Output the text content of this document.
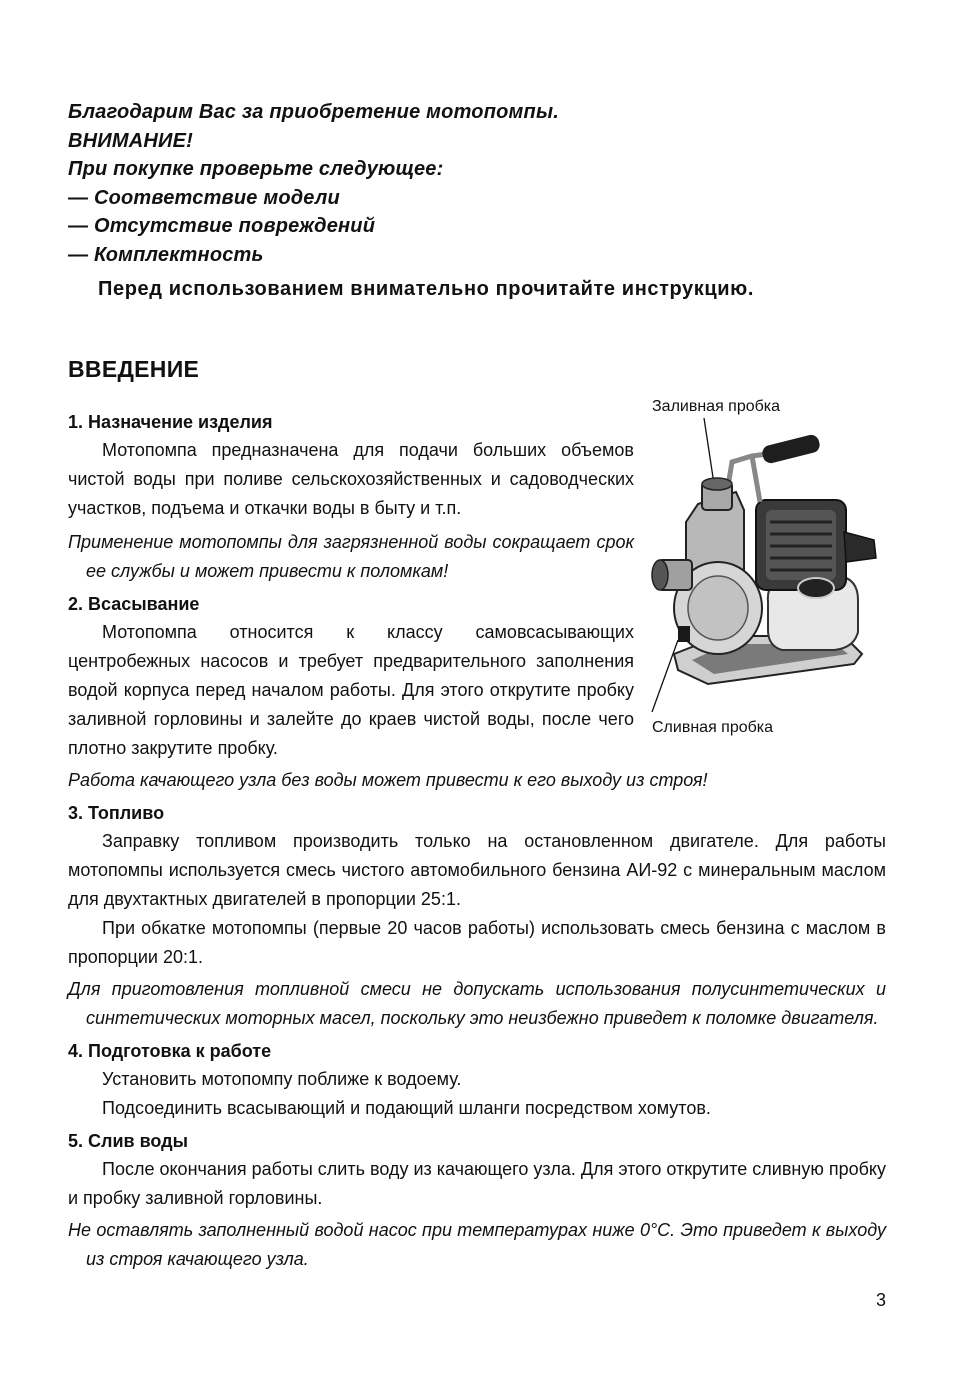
Благодарим Вас за приобретение мотопомпы.
ВНИМАНИЕ!
При покупке проверьте следующее:
— Соответствие модели
— Отсутствие повреждений
— Комплектность
Перед использованием внимательно прочитайте инструкцию.
ВВЕДЕНИЕ
Заливная пробка
Сливная пробка
1. Назначение изделия
Мотопомпа предназначена для подачи больших объемов чистой воды при поливе сельскохозяйственных и садоводческих участков, подъема и откачки воды в быту и т.п.
Применение мотопомпы для загрязненной воды сокращает срок ее службы и может привести к поломкам!
2. Всасывание
Мотопомпа относится к классу самовсасывающих центробежных насосов и требует предварительного заполнения водой корпуса перед началом работы. Для этого открутите пробку заливной горловины и залейте до краев чистой воды, после чего плотно закрутите пробку.
Работа качающего узла без воды может привести к его выходу из строя!
3. Топливо
Заправку топливом производить только на остановленном двигателе. Для работы мотопомпы используется смесь чистого автомобильного бензина АИ-92 с минеральным маслом для двухтактных двигателей в пропорции 25:1.
При обкатке мотопомпы (первые 20 часов работы) использовать смесь бензина с маслом в пропорции 20:1.
Для приготовления топливной смеси не допускать использования полусинтетических и синтетических моторных масел, поскольку это неизбежно приведет к поломке двигателя.
4. Подготовка к работе
Установить мотопомпу поближе к водоему.
Подсоединить всасывающий и подающий шланги посредством хомутов.
5. Слив воды
После окончания работы слить воду из качающего узла. Для этого открутите сливную пробку и пробку заливной горловины.
Не оставлять заполненный водой насос при температурах ниже 0°С. Это приведет к выходу из строя качающего узла.
3
